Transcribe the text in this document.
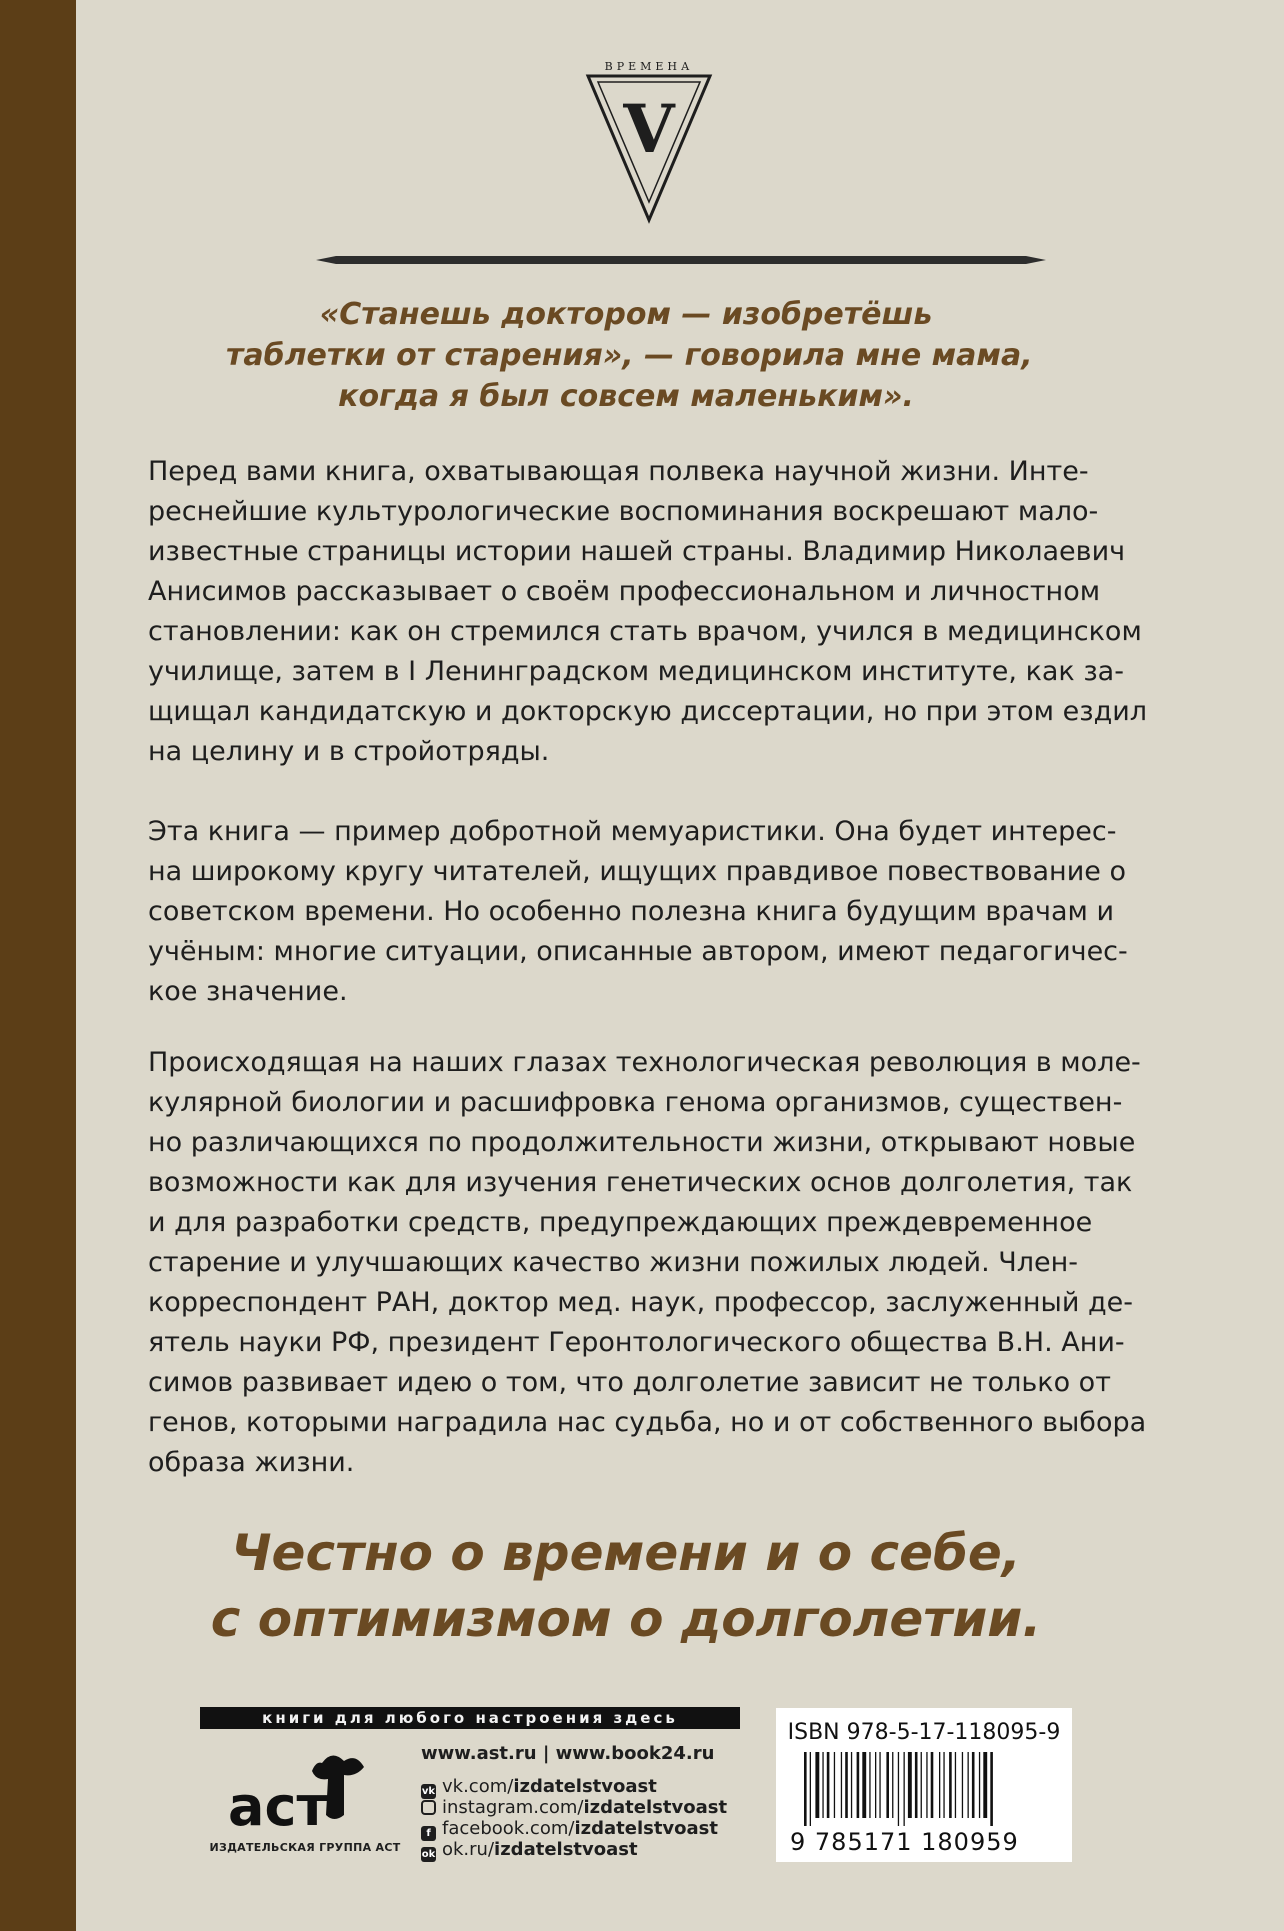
ВРЕМЕНА
V
«Станешь доктором — изобретёшь
таблетки от старения», — говорила мне мама,
когда я был совсем маленьким».
Перед вами книга, охватывающая полвека научной жизни. Интe-
реснейшие культурологические воспоминания воскрешают мало-
известные страницы истории нашей страны. Владимир Николаевич
Анисимов рассказывает о своём профессиональном и личностном
становлении: как он стремился стать врачом, учился в медицинском
училище, затем в I Ленинградском медицинском институте, как за-
щищал кандидатскую и докторскую диссертации, но при этом ездил
на целину и в стройотряды.
Эта книга — пример добротной мемуаристики. Она будет интерес-
на широкому кругу читателей, ищущих правдивое повествование о
советском времени. Но особенно полезна книга будущим врачам и
учёным: многие ситуации, описанные автором, имеют педагогичес-
кое значение.
Происходящая на наших глазах технологическая революция в моле-
кулярной биологии и расшифровка генома организмов, существен-
но различающихся по продолжительности жизни, открывают новые
возможности как для изучения генетических основ долголетия, так
и для разработки средств, предупреждающих преждевременное
старение и улучшающих качество жизни пожилых людей. Член-
корреспондент РАН, доктор мед. наук, профессор, заслуженный де-
ятель науки РФ, президент Геронтологического общества В.Н. Ани-
симов развивает идею о том, что долголетие зависит не только от
генов, которыми наградила нас судьба, но и от собственного выбора
образа жизни.
Честно о времени и о себе,
с оптимизмом о долголетии.
книги для любого настроения здесь
аст
ИЗДАТЕЛЬСКАЯ ГРУППА АСТ
www.ast.ru | www.book24.ru
vk vk.com/izdatelstvoast
instagram.com/izdatelstvoast
f facebook.com/izdatelstvoast
ok ok.ru/izdatelstvoast
ISBN 978-5-17-118095-9
9 785171 180959
